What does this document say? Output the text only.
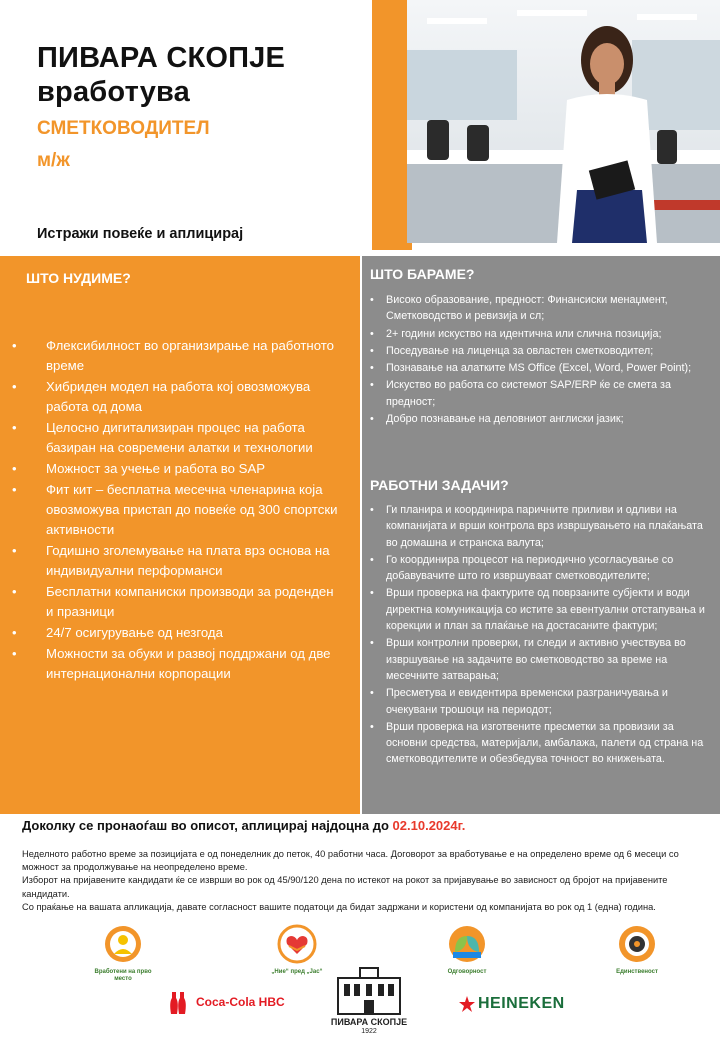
ПИВАРА СКОПЈЕ
вработува
СМЕТКОВОДИТЕЛ
м/ж
Истражи повеќе и аплицирај
ШТО НУДИМЕ?
• Флексибилност во организирање на работното време
• Хибриден модел на работа кој овозможува работа од дома
• Целосно дигитализиран процес на работа базиран на современи алатки и технологии
• Можност за учење и работа во SAP
• Фит кит – бесплатна месечна членарина која овозможува пристап до повеќе од 300 спортски активности
• Годишно зголемување на плата врз основа на индивидуални перформанси
• Бесплатни компаниски производи за роденден и празници
• 24/7 осигурување од незгода
• Можности за обуки и развој поддржани од две интернационални корпорации
ШТО БАРАМЕ?
• Високо образование, предност: Финансиски менаџмент, Сметководство и ревизија и сл;
• 2+ години искуство на идентична или слична позиција;
• Поседување на лиценца за овластен сметководител;
• Познавање на алатките MS Office (Excel, Word, Power Point);
• Искуство во работа со системот SAP/ERP ќе се смета за предност;
• Добро познавање на деловниот англиски јазик;
РАБОТНИ ЗАДАЧИ?
• Ги планира и координира паричните приливи и одливи на компанијата и врши контрола врз извршувањето на плаќањата во домашна и странска валута;
• Го координира процесот на периодично усогласување со добавувачите што го извршуваат сметководителите;
• Врши проверка на фактурите од поврзаните субјекти и води директна комуникација со истите за евентуални отстапувања и корекции и план за плаќање на достасаните фактури;
• Врши контролни проверки, ги следи и активно учествува во извршување на задачите во сметководство за време на месечните затварања;
• Пресметува и евидентира временски разграничувања и очекувани трошоци на периодот;
• Врши проверка на изготвените пресметки за провизии за основни средства, материјали, амбалажа, палети од страна на сметководителите и обезбедува точност во книжењата.
Доколку се пронаоѓаш во описот, аплицирај најдоцна до 02.10.2024г.

Неделното работно време за позицијата е од понеделник до петок, 40 работни часа. Договорот за вработување е на определено време од 6 месеци со можност за продолжување на неопределено време.

Изборот на пријавените кандидати ќе се изврши во рок од 45/90/120 дена по истекот на рокот за пријавување во зависност од бројот на пријавените кандидати.

Со праќање на вашата апликација, давате согласност вашите податоци да бидат задржани и користени од компанијата во рок од 1 (една) година.

Вработени на прво место
„Ние“ пред „Јас“	Одговорност	Единственост
Coca-Cola HBC
ПИВАРА СКОПЈЕ
1922
HEINEKEN
